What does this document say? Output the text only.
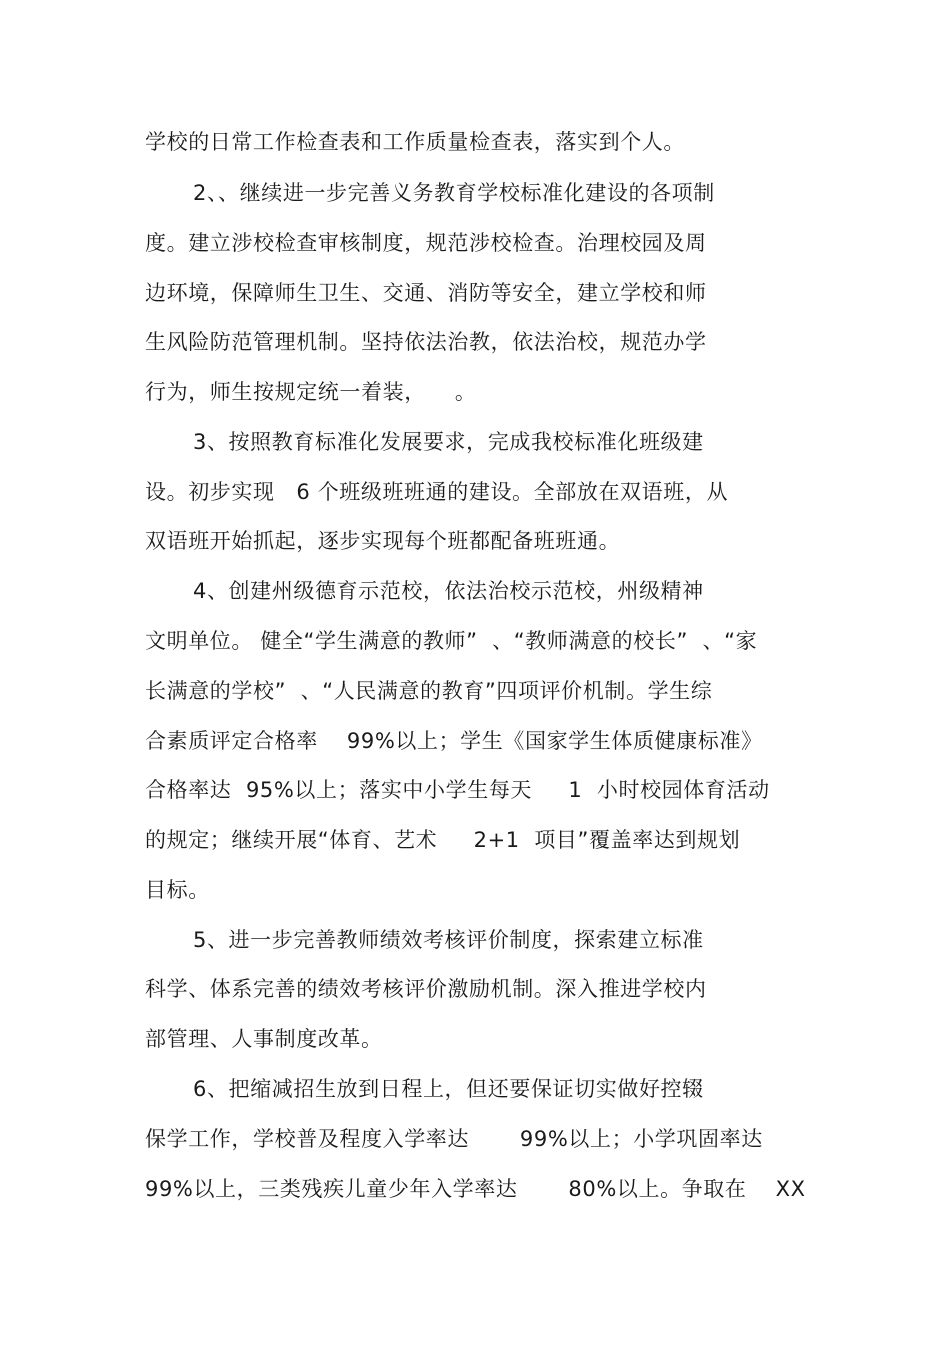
学校的日常工作检查表和工作质量检查表，落实到个人。
2、、继续进一步完善义务教育学校标准化建设的各项制
度。建立涉校检查审核制度，规范涉校检查。治理校园及周
边环境，保障师生卫生、交通、消防等安全，建立学校和师
生风险防范管理机制。坚持依法治教，依法治校，规范办学
行为，师生按规定统一着装，    。
3、按照教育标准化发展要求，完成我校标准化班级建
设。初步实现   6 个班级班班通的建设。全部放在双语班，从
双语班开始抓起，逐步实现每个班都配备班班通。
4、创建州级德育示范校，依法治校示范校，州级精神
文明单位。 健全“学生满意的教师”  、“教师满意的校长”  、“家
长满意的学校”  、“人民满意的教育”四项评价机制。学生综
合素质评定合格率    99%以上；学生《国家学生体质健康标准》
合格率达  95%以上；落实中小学生每天     1  小时校园体育活动
的规定；继续开展“体育、艺术     2+1  项目”覆盖率达到规划
目标。
5、进一步完善教师绩效考核评价制度，探索建立标准
科学、体系完善的绩效考核评价激励机制。深入推进学校内
部管理、人事制度改革。
6、把缩减招生放到日程上，但还要保证切实做好控辍
保学工作，学校普及程度入学率达       99%以上；小学巩固率达
99%以上，三类残疾儿童少年入学率达       80%以上。争取在    XX
